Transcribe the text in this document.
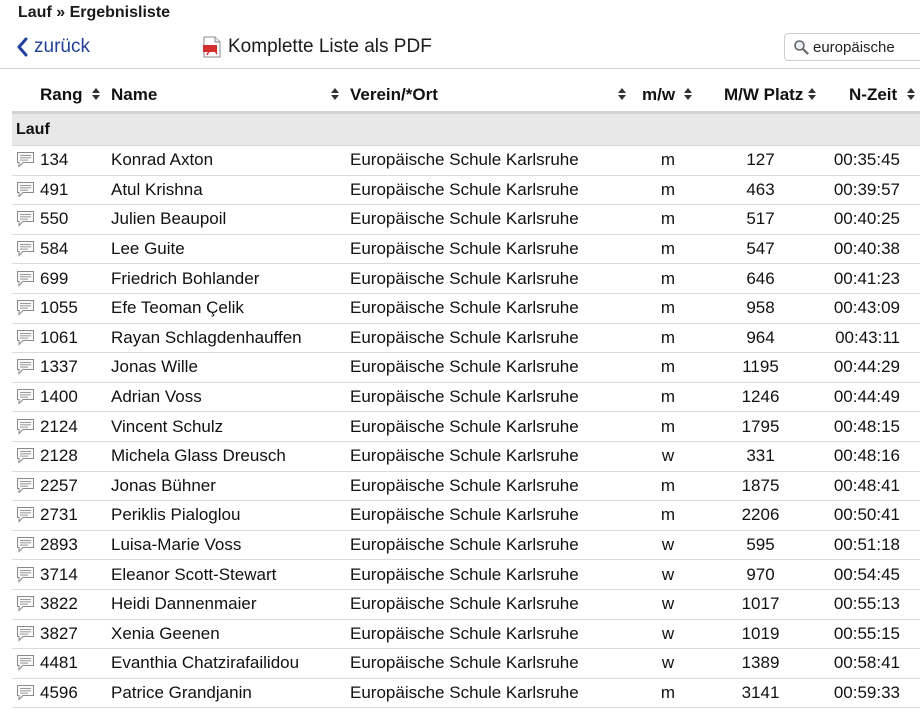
Lauf » Ergebnisliste
zurück	Komplette Liste als PDF
europäische
Rang	Name	Verein/*Ort	m/w	M/W Platz	N-Zeit

Lauf					
134	Konrad Axton	Europäische Schule Karlsruhe	m	127	00:35:45
491	Atul Krishna	Europäische Schule Karlsruhe	m	463	00:39:57
550	Julien Beaupoil	Europäische Schule Karlsruhe	m	517	00:40:25
584	Lee Guite	Europäische Schule Karlsruhe	m	547	00:40:38
699	Friedrich Bohlander	Europäische Schule Karlsruhe	m	646	00:41:23
1055	Efe Teoman Çelik	Europäische Schule Karlsruhe	m	958	00:43:09
1061	Rayan Schlagdenhauffen	Europäische Schule Karlsruhe	m	964	00:43:11
1337	Jonas Wille	Europäische Schule Karlsruhe	m	1195	00:44:29
1400	Adrian Voss	Europäische Schule Karlsruhe	m	1246	00:44:49
2124	Vincent Schulz	Europäische Schule Karlsruhe	m	1795	00:48:15
2128	Michela Glass Dreusch	Europäische Schule Karlsruhe	w	331	00:48:16
2257	Jonas Bühner	Europäische Schule Karlsruhe	m	1875	00:48:41
2731	Periklis Pialoglou	Europäische Schule Karlsruhe	m	2206	00:50:41
2893	Luisa-Marie Voss	Europäische Schule Karlsruhe	w	595	00:51:18
3714	Eleanor Scott-Stewart	Europäische Schule Karlsruhe	w	970	00:54:45
3822	Heidi Dannenmaier	Europäische Schule Karlsruhe	w	1017	00:55:13
3827	Xenia Geenen	Europäische Schule Karlsruhe	w	1019	00:55:15
4481	Evanthia Chatzirafailidou	Europäische Schule Karlsruhe	w	1389	00:58:41
4596	Patrice Grandjanin	Europäische Schule Karlsruhe	m	3141	00:59:33
